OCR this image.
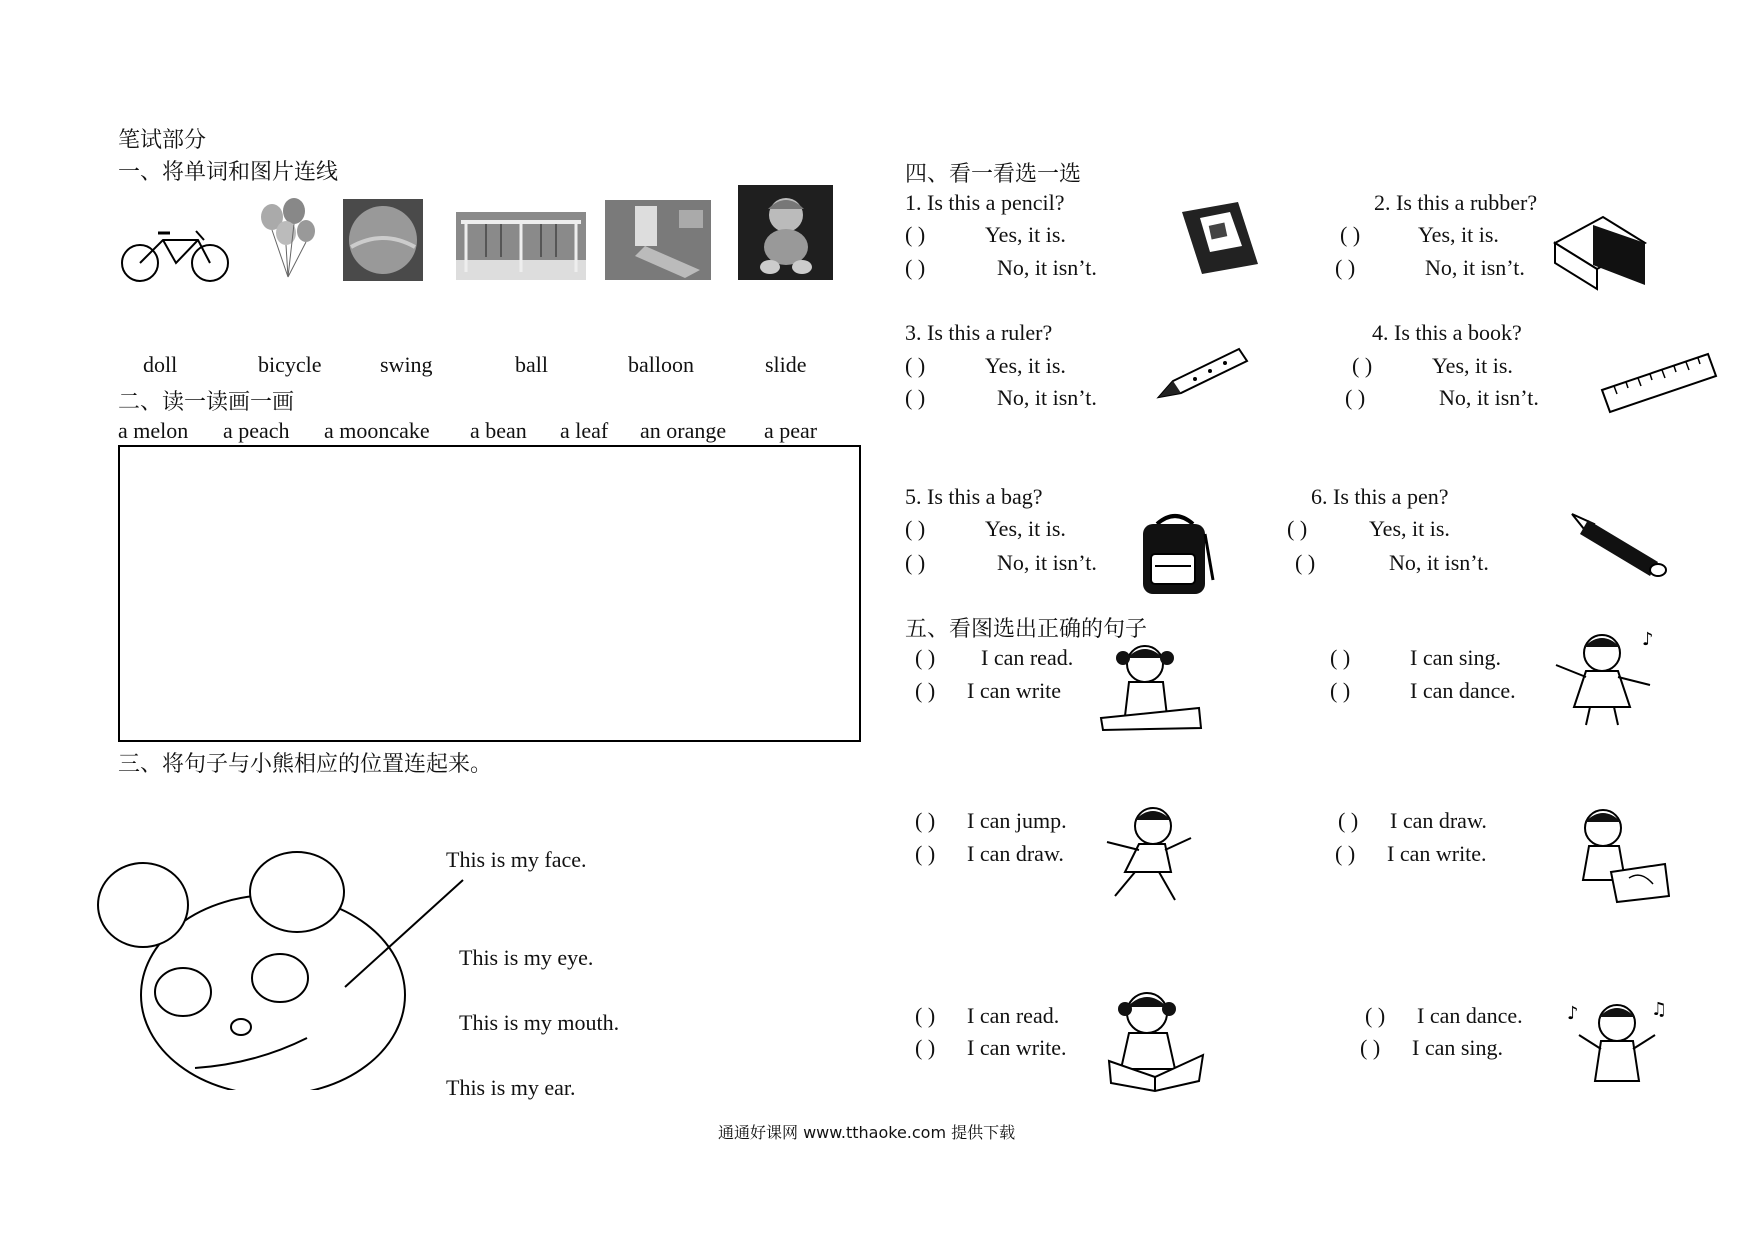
笔试部分
一、将单词和图片连线
doll	bicycle	swing	ball	balloon	slide
二、读一读画一画
a melon a peach a mooncake a bean a leaf an orange a pear
三、将句子与小熊相应的位置连起来。
This is my face.
This is my eye.
This is my mouth.
This is my ear.
四、看一看选一选
1. Is this a pencil?
( )	Yes, it is.
( )	No, it isn’t.
2. Is this a rubber?
( )	Yes, it is.
( )	No, it isn’t.
3. Is this a ruler?
( )	Yes, it is.
( )	No, it isn’t.
4. Is this a book?
( )	Yes, it is.
( )	No, it isn’t.
5. Is this a bag?
( )	Yes, it is.
( )	No, it isn’t.
6. Is this a pen?
( )	Yes, it is.
( )	No, it isn’t.
五、看图选出正确的句子
( ) I can read.
( ) I can write
( )	I can sing.
( )	I can dance.
♪
( ) I can jump.
( ) I can draw.
( ) I can draw.
( ) I can write.
( ) I can read.
( ) I can write.
( ) I can dance.
( ) I can sing.
♪	♫
通通好课网 www.tthaoke.com 提供下载
